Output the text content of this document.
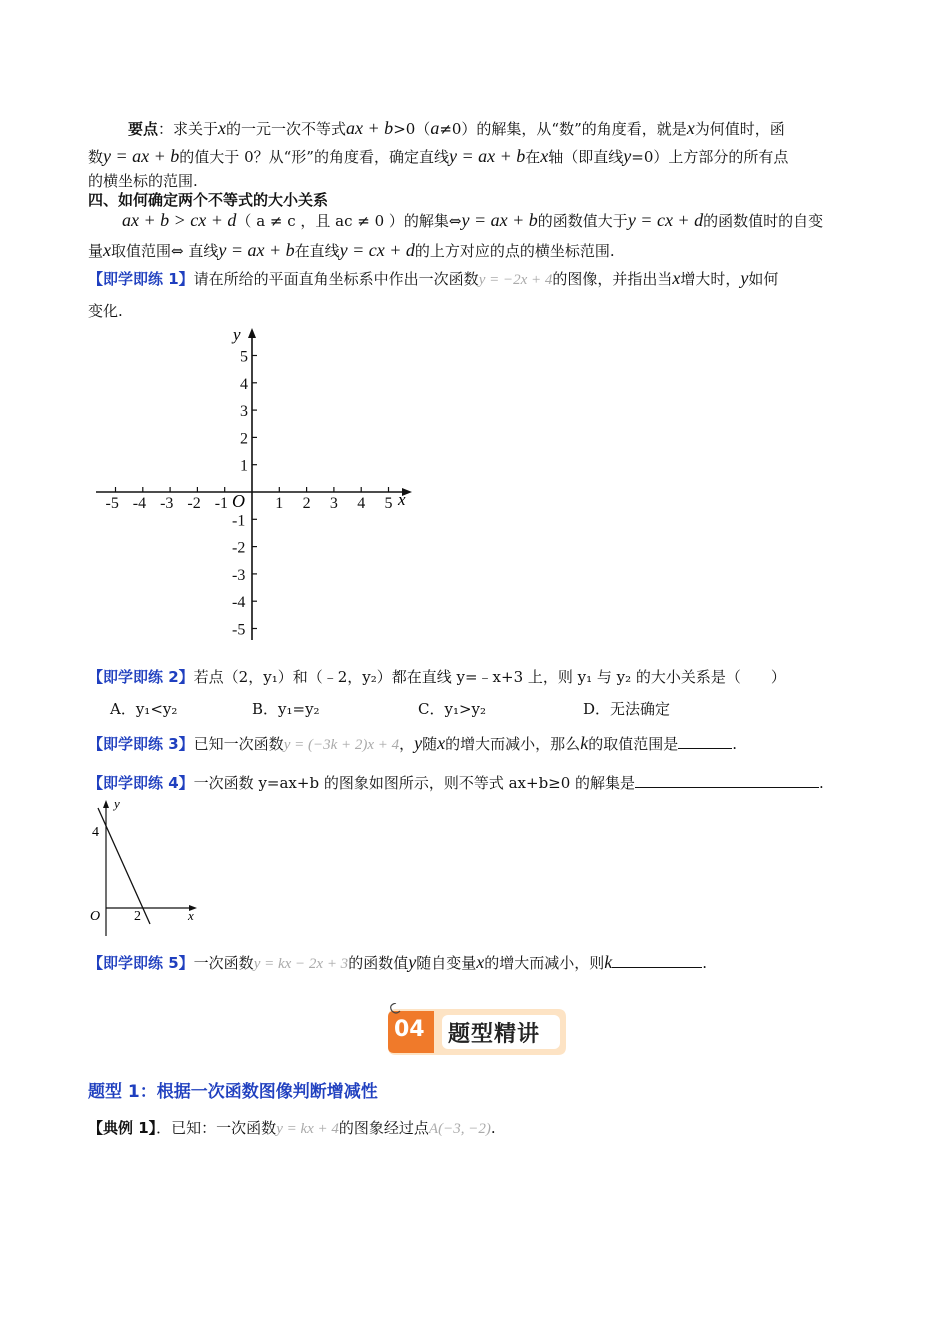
要点：求关于x的一元一次不等式ax + b>0（a≠0）的解集，从“数”的角度看，就是x为何值时，函
数y = ax + b的值大于 0？从“形”的角度看，确定直线y = ax + b在x轴（即直线y=0）上方部分的所有点
的横坐标的范围.
四、如何确定两个不等式的大小关系
ax + b > cx + d（ a ≠ c ，且 ac ≠ 0 ）的解集⇔y = ax + b的函数值大于y = cx + d的函数值时的自变
量x取值范围⇔ 直线y = ax + b在直线y = cx + d的上方对应的点的横坐标范围.
【即学即练 1】请在所给的平面直角坐标系中作出一次函数y = −2x + 4的图像，并指出当x增大时，y如何
变化.
-5 -4 -3 -2 -1	1 2 3 4 5
5
4
3
2
1
-1
-2
-3
-4
-5
x
y
O
【即学即练 2】若点（2，y₁）和（﹣2，y₂）都在直线 y=﹣x+3 上，则 y₁ 与 y₂ 的大小关系是（　　）
A．y₁<y₂	B．y₁=y₂	C．y₁>y₂	D．无法确定
【即学即练 3】已知一次函数y = (−3k + 2)x + 4，y随x的增大而减小，那么k的取值范围是	.
【即学即练 4】一次函数 y=ax+b 的图象如图所示，则不等式 ax+b≥0 的解集是	.
y
x
O
4
2
【即学即练 5】一次函数y = kx − 2x + 3的函数值y随自变量x的增大而减小，则k	.
04 题型精讲
题型 1：根据一次函数图像判断增减性
【典例 1】．已知：一次函数y = kx + 4的图象经过点A(−3, −2).
